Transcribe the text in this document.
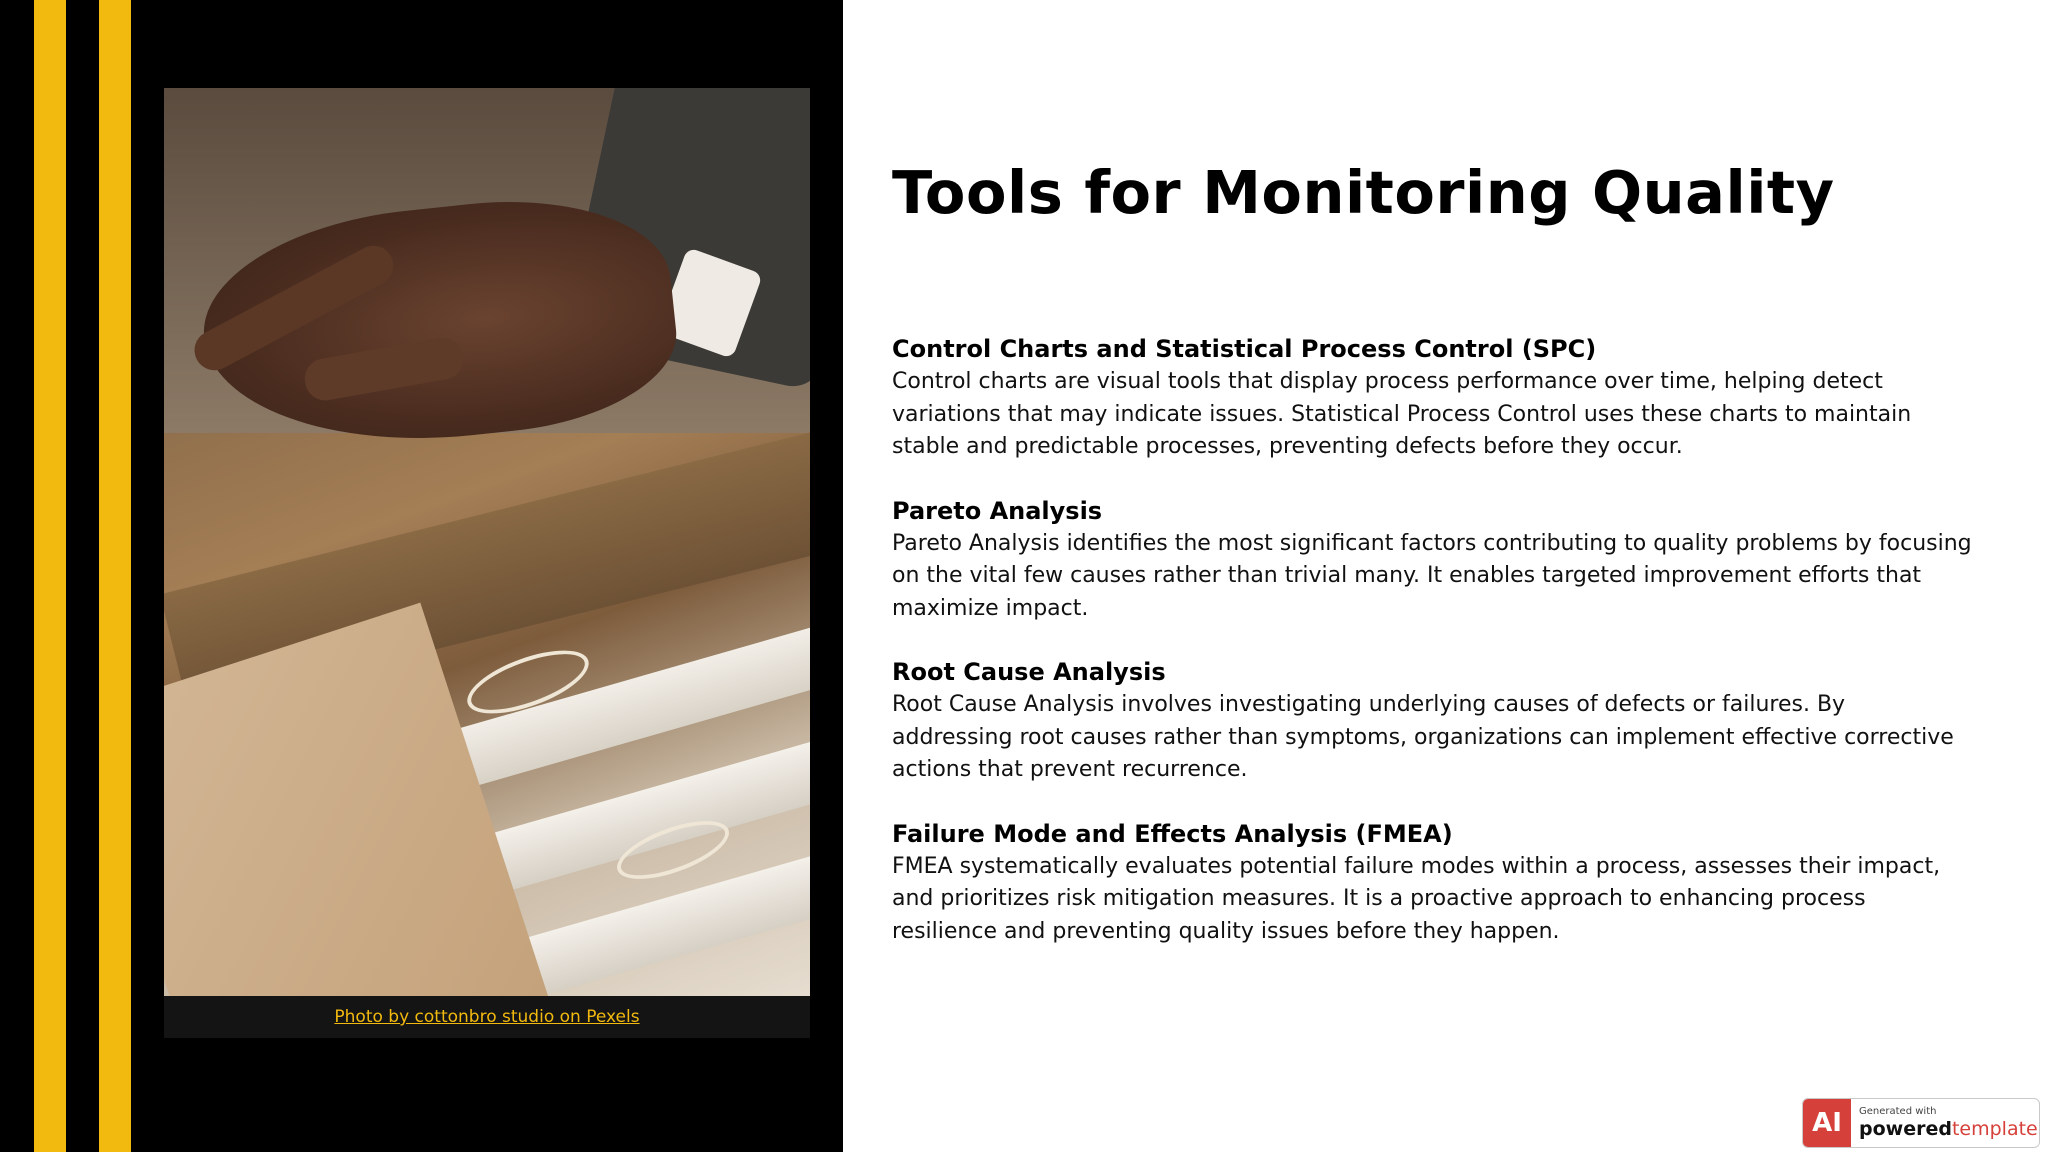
Photo by cottonbro studio on Pexels
Tools for Monitoring Quality

Control Charts and Statistical Process Control (SPC)

Control charts are visual tools that display process performance over time, helping detect variations that may indicate issues. Statistical Process Control uses these charts to maintain stable and predictable processes, preventing defects before they occur.

Pareto Analysis

Pareto Analysis identifies the most significant factors contributing to quality problems by focusing on the vital few causes rather than trivial many. It enables targeted improvement efforts that maximize impact.

Root Cause Analysis

Root Cause Analysis involves investigating underlying causes of defects or failures. By addressing root causes rather than symptoms, organizations can implement effective corrective actions that prevent recurrence.

Failure Mode and Effects Analysis (FMEA)

FMEA systematically evaluates potential failure modes within a process, assesses their impact, and prioritizes risk mitigation measures. It is a proactive approach to enhancing process resilience and preventing quality issues before they happen.

AI	Generated with
poweredtemplate
